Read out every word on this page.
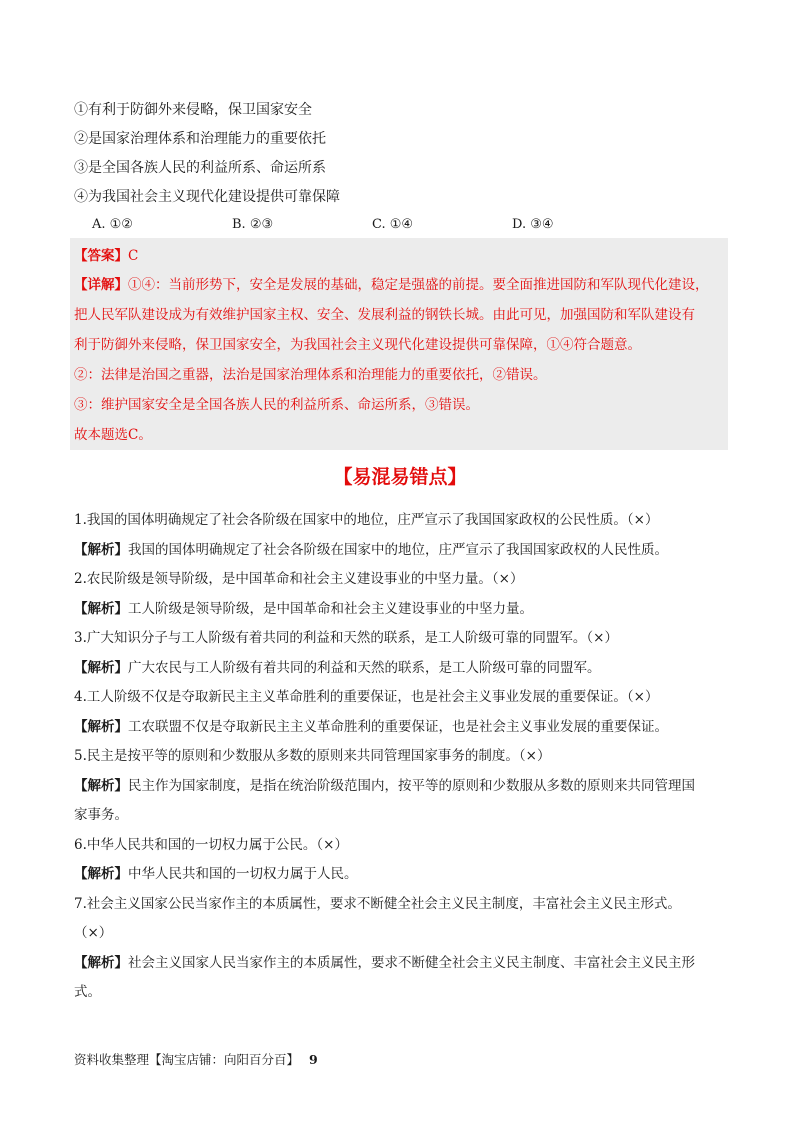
①有利于防御外来侵略，保卫国家安全
②是国家治理体系和治理能力的重要依托
③是全国各族人民的利益所系、命运所系
④为我国社会主义现代化建设提供可靠保障
A. ①②	B. ②③	C. ①④	D. ③④
【答案】C
【详解】①④：当前形势下，安全是发展的基础，稳定是强盛的前提。要全面推进国防和军队现代化建设，
把人民军队建设成为有效维护国家主权、安全、发展利益的钢铁长城。由此可见，加强国防和军队建设有
利于防御外来侵略，保卫国家安全，为我国社会主义现代化建设提供可靠保障，①④符合题意。
②：法律是治国之重器，法治是国家治理体系和治理能力的重要依托，②错误。
③：维护国家安全是全国各族人民的利益所系、命运所系，③错误。
故本题选C。
【易混易错点】
1.我国的国体明确规定了社会各阶级在国家中的地位，庄严宣示了我国国家政权的公民性质。（×）
【解析】我国的国体明确规定了社会各阶级在国家中的地位，庄严宣示了我国国家政权的人民性质。
2.农民阶级是领导阶级，是中国革命和社会主义建设事业的中坚力量。（×）
【解析】工人阶级是领导阶级，是中国革命和社会主义建设事业的中坚力量。
3.广大知识分子与工人阶级有着共同的利益和天然的联系，是工人阶级可靠的同盟军。（×）
【解析】广大农民与工人阶级有着共同的利益和天然的联系，是工人阶级可靠的同盟军。
4.工人阶级不仅是夺取新民主主义革命胜利的重要保证，也是社会主义事业发展的重要保证。（×）
【解析】工农联盟不仅是夺取新民主主义革命胜利的重要保证，也是社会主义事业发展的重要保证。
5.民主是按平等的原则和少数服从多数的原则来共同管理国家事务的制度。（×）
【解析】民主作为国家制度，是指在统治阶级范围内，按平等的原则和少数服从多数的原则来共同管理国
家事务。
6.中华人民共和国的一切权力属于公民。（×）
【解析】中华人民共和国的一切权力属于人民。
7.社会主义国家公民当家作主的本质属性，要求不断健全社会主义民主制度，丰富社会主义民主形式。
（×）
【解析】社会主义国家人民当家作主的本质属性，要求不断健全社会主义民主制度、丰富社会主义民主形
式。
资料收集整理【淘宝店铺：向阳百分百】 9
